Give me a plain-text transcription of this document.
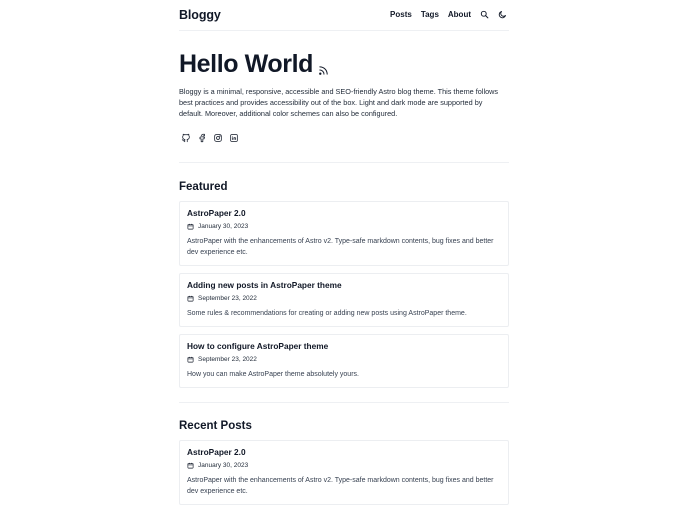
Bloggy	Posts Tags About
Hello World
Bloggy is a minimal, responsive, accessible and SEO-friendly Astro blog theme. This theme follows best practices and provides accessibility out of the box. Light and dark mode are supported by default. Moreover, additional color schemes can also be configured.
Featured
AstroPaper 2.0
January 30, 2023
AstroPaper with the enhancements of Astro v2. Type-safe markdown contents, bug fixes and better dev experience etc.
Adding new posts in AstroPaper theme
September 23, 2022
Some rules & recommendations for creating or adding new posts using AstroPaper theme.
How to configure AstroPaper theme
September 23, 2022
How you can make AstroPaper theme absolutely yours.
Recent Posts
AstroPaper 2.0
January 30, 2023
AstroPaper with the enhancements of Astro v2. Type-safe markdown contents, bug fixes and better dev experience etc.
